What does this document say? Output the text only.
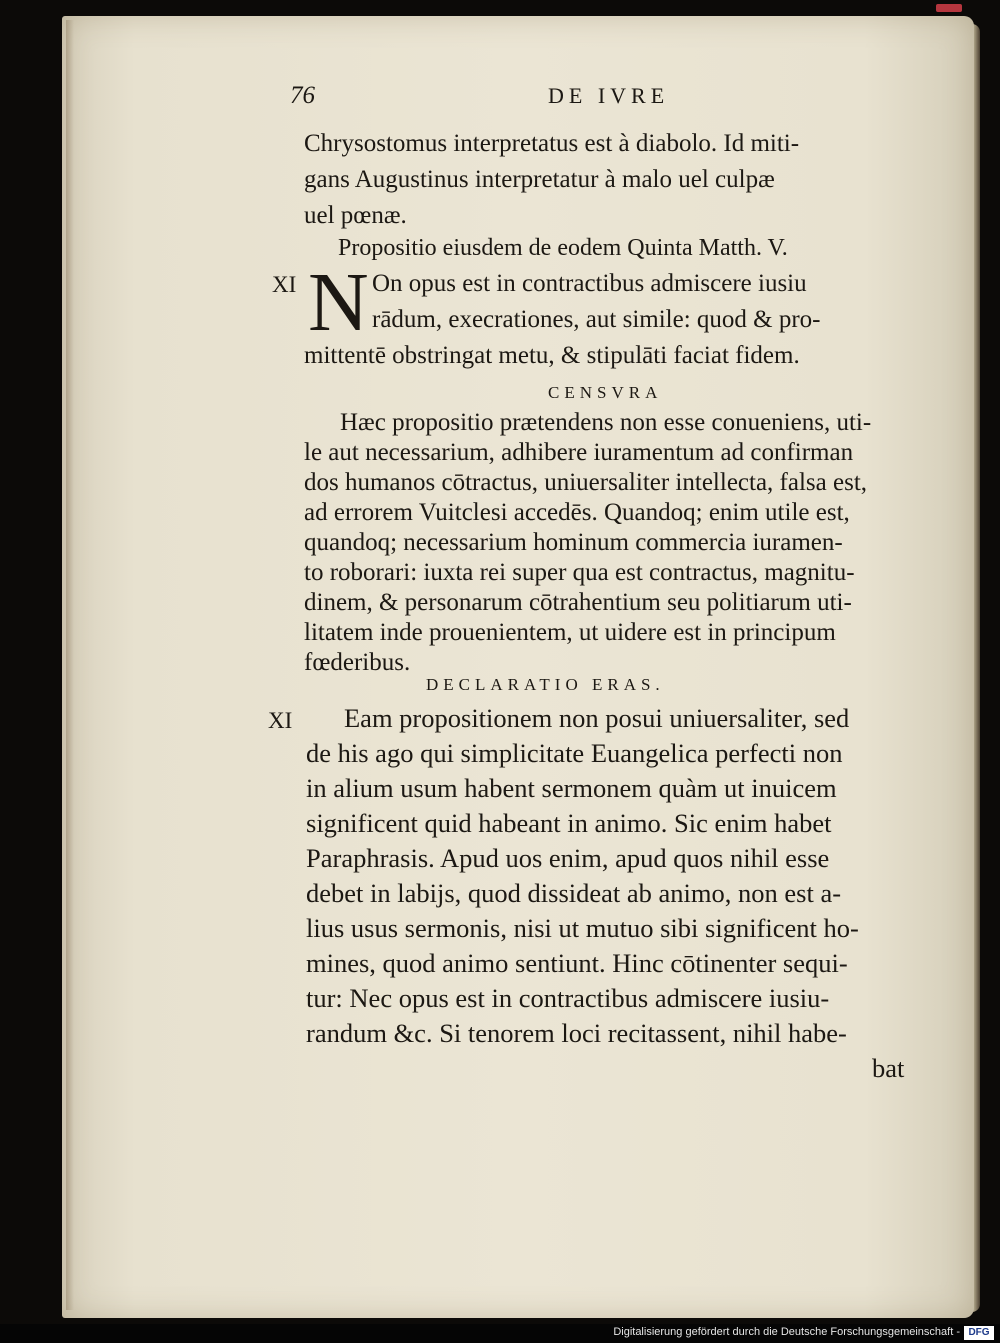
76	DE IVRE
Chrysostomus interpretatus est à diabolo. Id miti-
gans Augustinus interpretatur à malo uel culpæ
uel pœnæ.
Propositio eiusdem de eodem Quinta Matth. V.
XI N On opus est in contractibus admiscere iusiu
rādum, execrationes, aut simile: quod & pro-
mittentē obstringat metu, & stipulāti faciat fidem.
CENSVRA
Hæc propositio prætendens non esse conueniens, uti-
le aut necessarium, adhibere iuramentum ad confirman
dos humanos cōtractus, uniuersaliter intellecta, falsa est,
ad errorem Vuitclesi accedēs. Quandoq; enim utile est,
quandoq; necessarium hominum commercia iuramen-
to roborari: iuxta rei super qua est contractus, magnitu-
dinem, & personarum cōtrahentium seu politiarum uti-
litatem inde prouenientem, ut uidere est in principum
fœderibus.
DECLARATIO ERAS.
XI Eam propositionem non posui uniuersaliter, sed
de his ago qui simplicitate Euangelica perfecti non
in alium usum habent sermonem quàm ut inuicem
significent quid habeant in animo. Sic enim habet
Paraphrasis. Apud uos enim, apud quos nihil esse
debet in labijs, quod dissideat ab animo, non est a-
lius usus sermonis, nisi ut mutuo sibi significent ho-
mines, quod animo sentiunt. Hinc cōtinenter sequi-
tur: Nec opus est in contractibus admiscere iusiu-
randum &c. Si tenorem loci recitassent, nihil habe-
bat
Digitalisierung gefördert durch die Deutsche Forschungsgemeinschaft - DFG
